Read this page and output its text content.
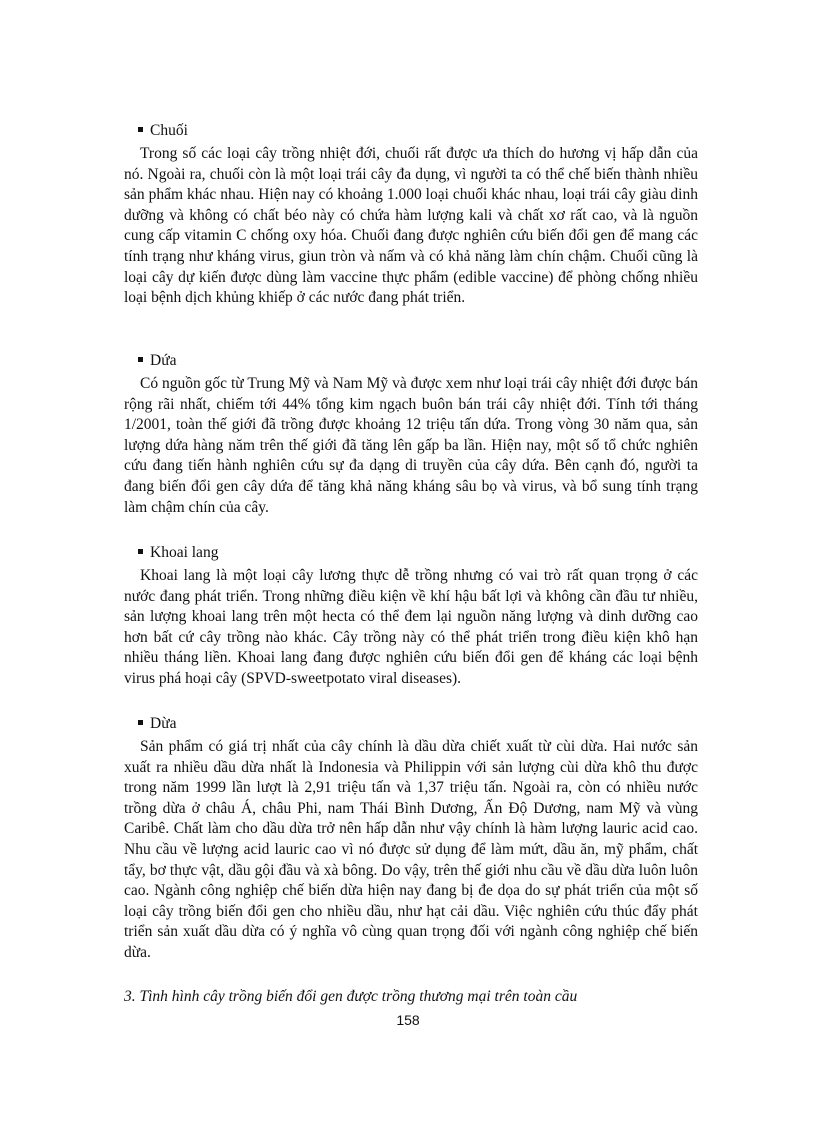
Chuối

Trong số các loại cây trồng nhiệt đới, chuối rất được ưa thích do hương vị hấp dẫn của nó. Ngoài ra, chuối còn là một loại trái cây đa dụng, vì người ta có thể chế biến thành nhiều sản phẩm khác nhau. Hiện nay có khoảng 1.000 loại chuối khác nhau, loại trái cây giàu dinh dưỡng và không có chất béo này có chứa hàm lượng kali và chất xơ rất cao, và là nguồn cung cấp vitamin C chống oxy hóa. Chuối đang được nghiên cứu biến đổi gen để mang các tính trạng như kháng virus, giun tròn và nấm và có khả năng làm chín chậm. Chuối cũng là loại cây dự kiến được dùng làm vaccine thực phẩm (edible vaccine) để phòng chống nhiều loại bệnh dịch khủng khiếp ở các nước đang phát triển.

Dứa

Có nguồn gốc từ Trung Mỹ và Nam Mỹ và được xem như loại trái cây nhiệt đới được bán rộng rãi nhất, chiếm tới 44% tổng kim ngạch buôn bán trái cây nhiệt đới. Tính tới tháng 1/2001, toàn thế giới đã trồng được khoảng 12 triệu tấn dứa. Trong vòng 30 năm qua, sản lượng dứa hàng năm trên thế giới đã tăng lên gấp ba lần. Hiện nay, một số tổ chức nghiên cứu đang tiến hành nghiên cứu sự đa dạng di truyền của cây dứa. Bên cạnh đó, người ta đang biến đổi gen cây dứa để tăng khả năng kháng sâu bọ và virus, và bổ sung tính trạng làm chậm chín của cây.

Khoai lang

Khoai lang là một loại cây lương thực dễ trồng nhưng có vai trò rất quan trọng ở các nước đang phát triển. Trong những điều kiện về khí hậu bất lợi và không cần đầu tư nhiều, sản lượng khoai lang trên một hecta có thể đem lại nguồn năng lượng và dinh dưỡng cao hơn bất cứ cây trồng nào khác. Cây trồng này có thể phát triển trong điều kiện khô hạn nhiều tháng liền. Khoai lang đang được nghiên cứu biến đổi gen để kháng các loại bệnh virus phá hoại cây (SPVD-sweetpotato viral diseases).

Dừa

Sản phẩm có giá trị nhất của cây chính là dầu dừa chiết xuất từ cùi dừa. Hai nước sản xuất ra nhiều dầu dừa nhất là Indonesia và Philippin với sản lượng cùi dừa khô thu được trong năm 1999 lần lượt là 2,91 triệu tấn và 1,37 triệu tấn. Ngoài ra, còn có nhiều nước trồng dừa ở châu Á, châu Phi, nam Thái Bình Dương, Ấn Độ Dương, nam Mỹ và vùng Caribê. Chất làm cho dầu dừa trở nên hấp dẫn như vậy chính là hàm lượng lauric acid cao. Nhu cầu về lượng acid lauric cao vì nó được sử dụng để làm mứt, dầu ăn, mỹ phẩm, chất tẩy, bơ thực vật, dầu gội đầu và xà bông. Do vậy, trên thế giới nhu cầu về dầu dừa luôn luôn cao. Ngành công nghiệp chế biến dừa hiện nay đang bị đe dọa do sự phát triển của một số loại cây trồng biến đổi gen cho nhiều dầu, như hạt cải dầu. Việc nghiên cứu thúc đẩy phát triển sản xuất dầu dừa có ý nghĩa vô cùng quan trọng đối với ngành công nghiệp chế biến dừa.

3. Tình hình cây trồng biến đổi gen được trồng thương mại trên toàn cầu

158
